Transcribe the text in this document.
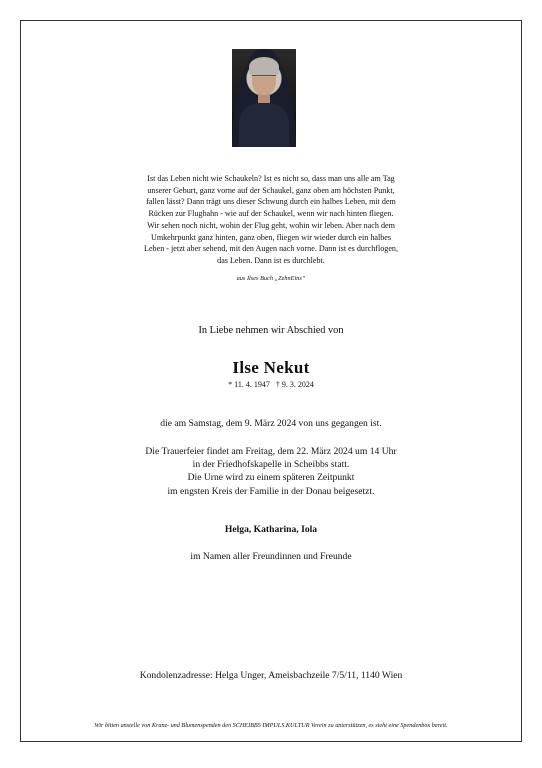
Ist das Leben nicht wie Schaukeln? Ist es nicht so, dass man uns alle am Tag
unserer Geburt, ganz vorne auf der Schaukel, ganz oben am höchsten Punkt,
fallen lässt? Dann trägt uns dieser Schwung durch ein halbes Leben, mit dem
Rücken zur Flugbahn - wie auf der Schaukel, wenn wir nach hinten fliegen.
Wir sehen noch nicht, wohin der Flug geht, wohin wir leben. Aber nach dem
Umkehrpunkt ganz hinten, ganz oben, fliegen wir wieder durch ein halbes
Leben - jetzt aber sehend, mit den Augen nach vorne. Dann ist es durchflogen,
das Leben. Dann ist es durchlebt.
aus Ilses Buch „ZehnEins“
In Liebe nehmen wir Abschied von
Ilse Nekut
* 11. 4. 1947   † 9. 3. 2024
die am Samstag, dem 9. März 2024 von uns gegangen ist.
Die Trauerfeier findet am Freitag, dem 22. März 2024 um 14 Uhr
in der Friedhofskapelle in Scheibbs statt.
Die Urne wird zu einem späteren Zeitpunkt
im engsten Kreis der Familie in der Donau beigesetzt.
Helga, Katharina, Iola
im Namen aller Freundinnen und Freunde
Kondolenzadresse: Helga Unger, Ameisbachzeile 7/5/11, 1140 Wien
Wir bitten anstelle von Kranz- und Blumenspenden den SCHEIBBS IMPULS.KULTUR Verein zu unterstützen, es steht eine Spendenbox bereit.
